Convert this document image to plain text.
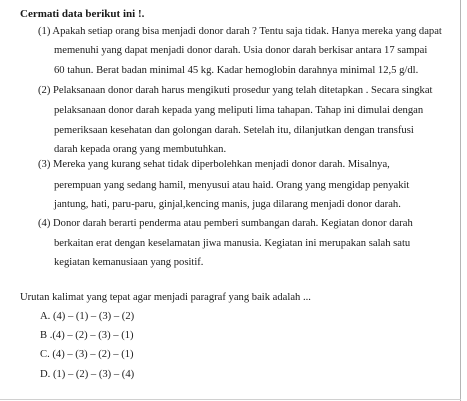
Cermati data berikut ini !.
(1) Apakah setiap orang bisa menjadi donor darah ? Tentu saja tidak. Hanya mereka yang dapat
memenuhi yang dapat menjadi donor darah. Usia donor darah berkisar antara 17 sampai
60 tahun. Berat badan minimal 45 kg. Kadar hemoglobin darahnya minimal 12,5 g/dl.
(2) Pelaksanaan donor darah harus mengikuti prosedur yang telah ditetapkan . Secara singkat
pelaksanaan donor darah kepada yang meliputi lima tahapan. Tahap ini dimulai dengan
pemeriksaan kesehatan dan golongan darah. Setelah itu, dilanjutkan dengan transfusi
darah kepada orang yang membutuhkan.
(3) Mereka yang kurang sehat tidak diperbolehkan menjadi donor darah. Misalnya,
perempuan yang sedang hamil, menyusui atau haid. Orang yang mengidap penyakit
jantung, hati, paru-paru, ginjal,kencing manis, juga dilarang menjadi donor darah.
(4) Donor darah berarti penderma atau pemberi sumbangan darah. Kegiatan donor darah
berkaitan erat dengan keselamatan jiwa manusia. Kegiatan ini merupakan salah satu
kegiatan kemanusiaan yang positif.
Urutan kalimat yang tepat agar menjadi paragraf yang baik adalah ...
A. (4) – (1) – (3) – (2)
B .(4) – (2) – (3) – (1)
C. (4) – (3) – (2) – (1)
D. (1) – (2) – (3) – (4)
